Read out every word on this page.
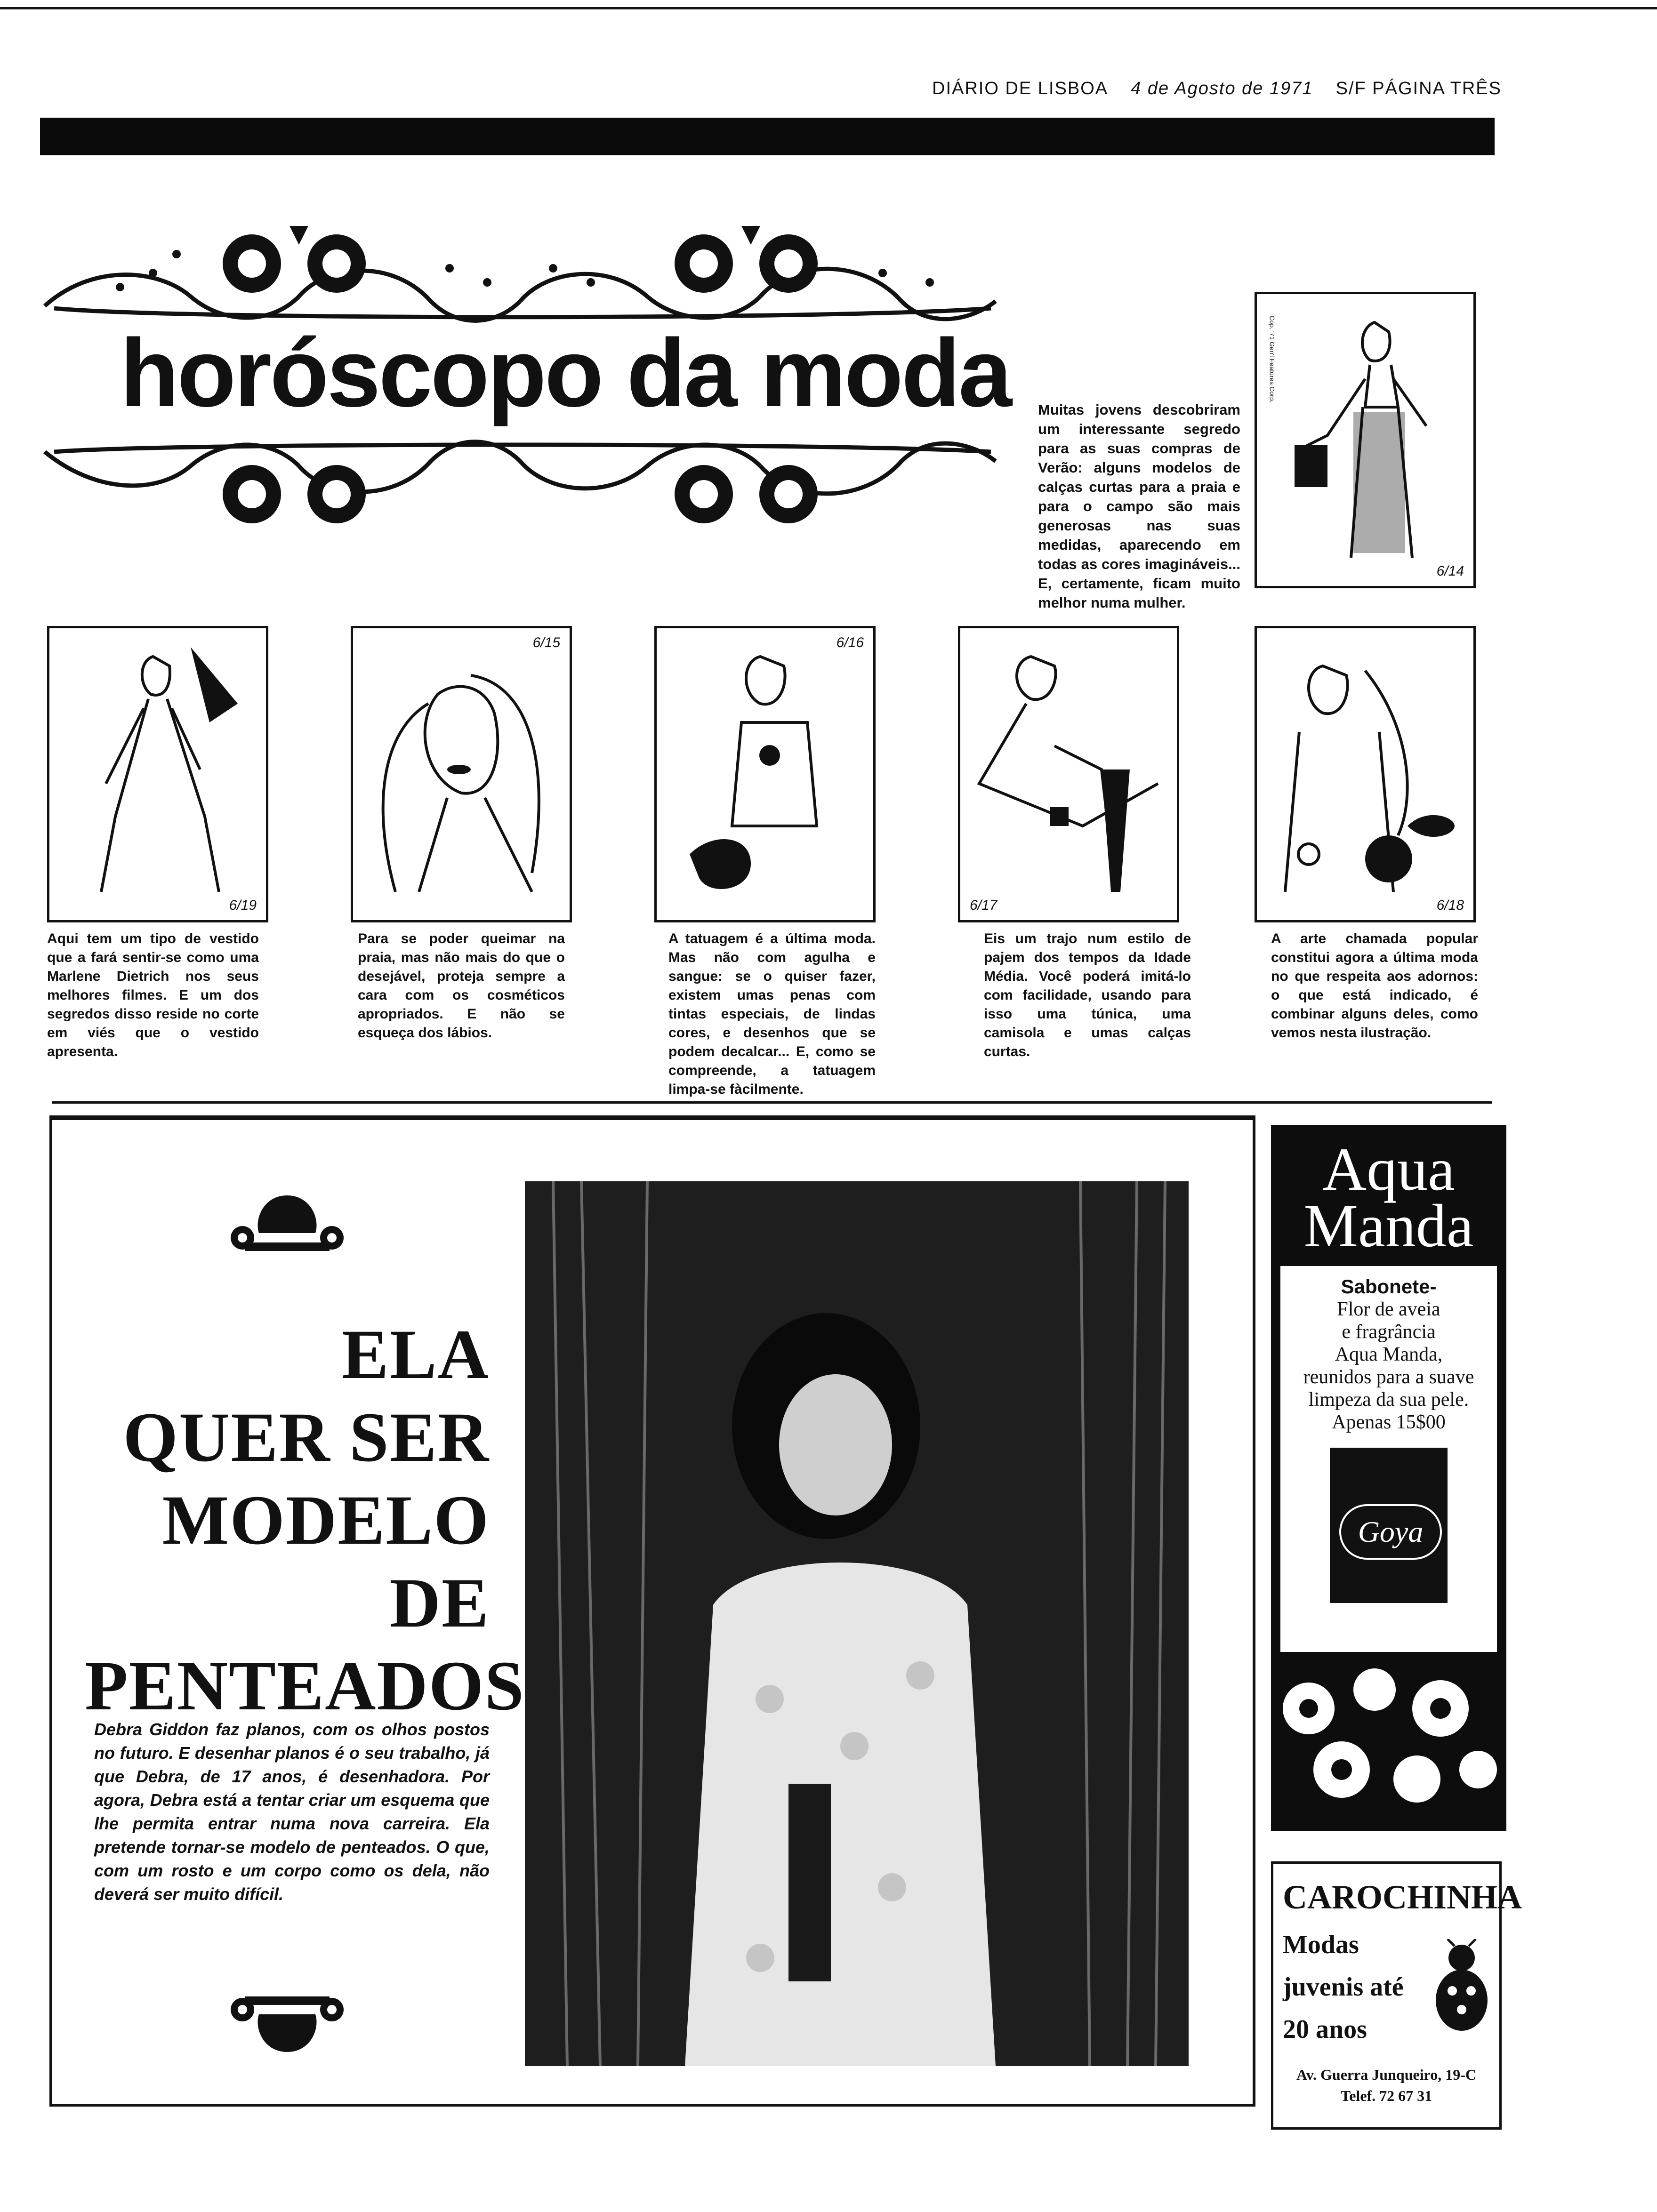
DIÁRIO DE LISBOA 4 de Agosto de 1971 S/F PÁGINA TRÊS
horóscopo da moda Muitas jovens descobriram um interessante segredo para as suas compras de Verão: alguns modelos de calças curtas para a praia e para o campo são mais generosas nas suas medidas, aparecendo em todas as cores imagináveis... E, certamente, ficam muito melhor numa mulher.
6/14
Cop. '71 Gen'l Features Corp.
6/19
6/15	6/16
6/17	6/18
Aqui tem um tipo de vestido que a fará sentir-se como uma Marlene Dietrich nos seus melhores filmes. E um dos segredos disso reside no corte em viés que o vestido apresenta.
Para se poder queimar na praia, mas não mais do que o desejável, proteja sempre a cara com os cosméticos apropriados. E não se esqueça dos lábios.
A tatuagem é a última moda. Mas não com agulha e sangue: se o quiser fazer, existem umas penas com tintas especiais, de lindas cores, e desenhos que se podem decalcar... E, como se compreende, a tatuagem limpa-se fàcilmente.
Eis um trajo num estilo de pajem dos tempos da Idade Média. Você poderá imitá-lo com facilidade, usando para isso uma túnica, uma camisola e umas calças curtas.
A arte chamada popular constitui agora a última moda no que respeita aos adornos: o que está indicado, é combinar alguns deles, como vemos nesta ilustração.
ELA
QUER SER
MODELO
DE
PENTEADOS
Debra Giddon faz planos, com os olhos postos no futuro. E desenhar planos é o seu trabalho, já que Debra, de 17 anos, é desenhadora. Por agora, Debra está a tentar criar um esquema que lhe permita entrar numa nova carreira. Ela pretende tornar-se modelo de penteados. O que, com um rosto e um corpo como os dela, não deverá ser muito difícil.
Aqua
Manda
Sabonete-
Flor de aveia
e fragrância
Aqua Manda,
reunidos para a suave
limpeza da sua pele.
Apenas 15$00
Goya
CAROCHINHA
Modas
juvenis até
20 anos
Av. Guerra Junqueiro, 19-C
Telef. 72 67 31
